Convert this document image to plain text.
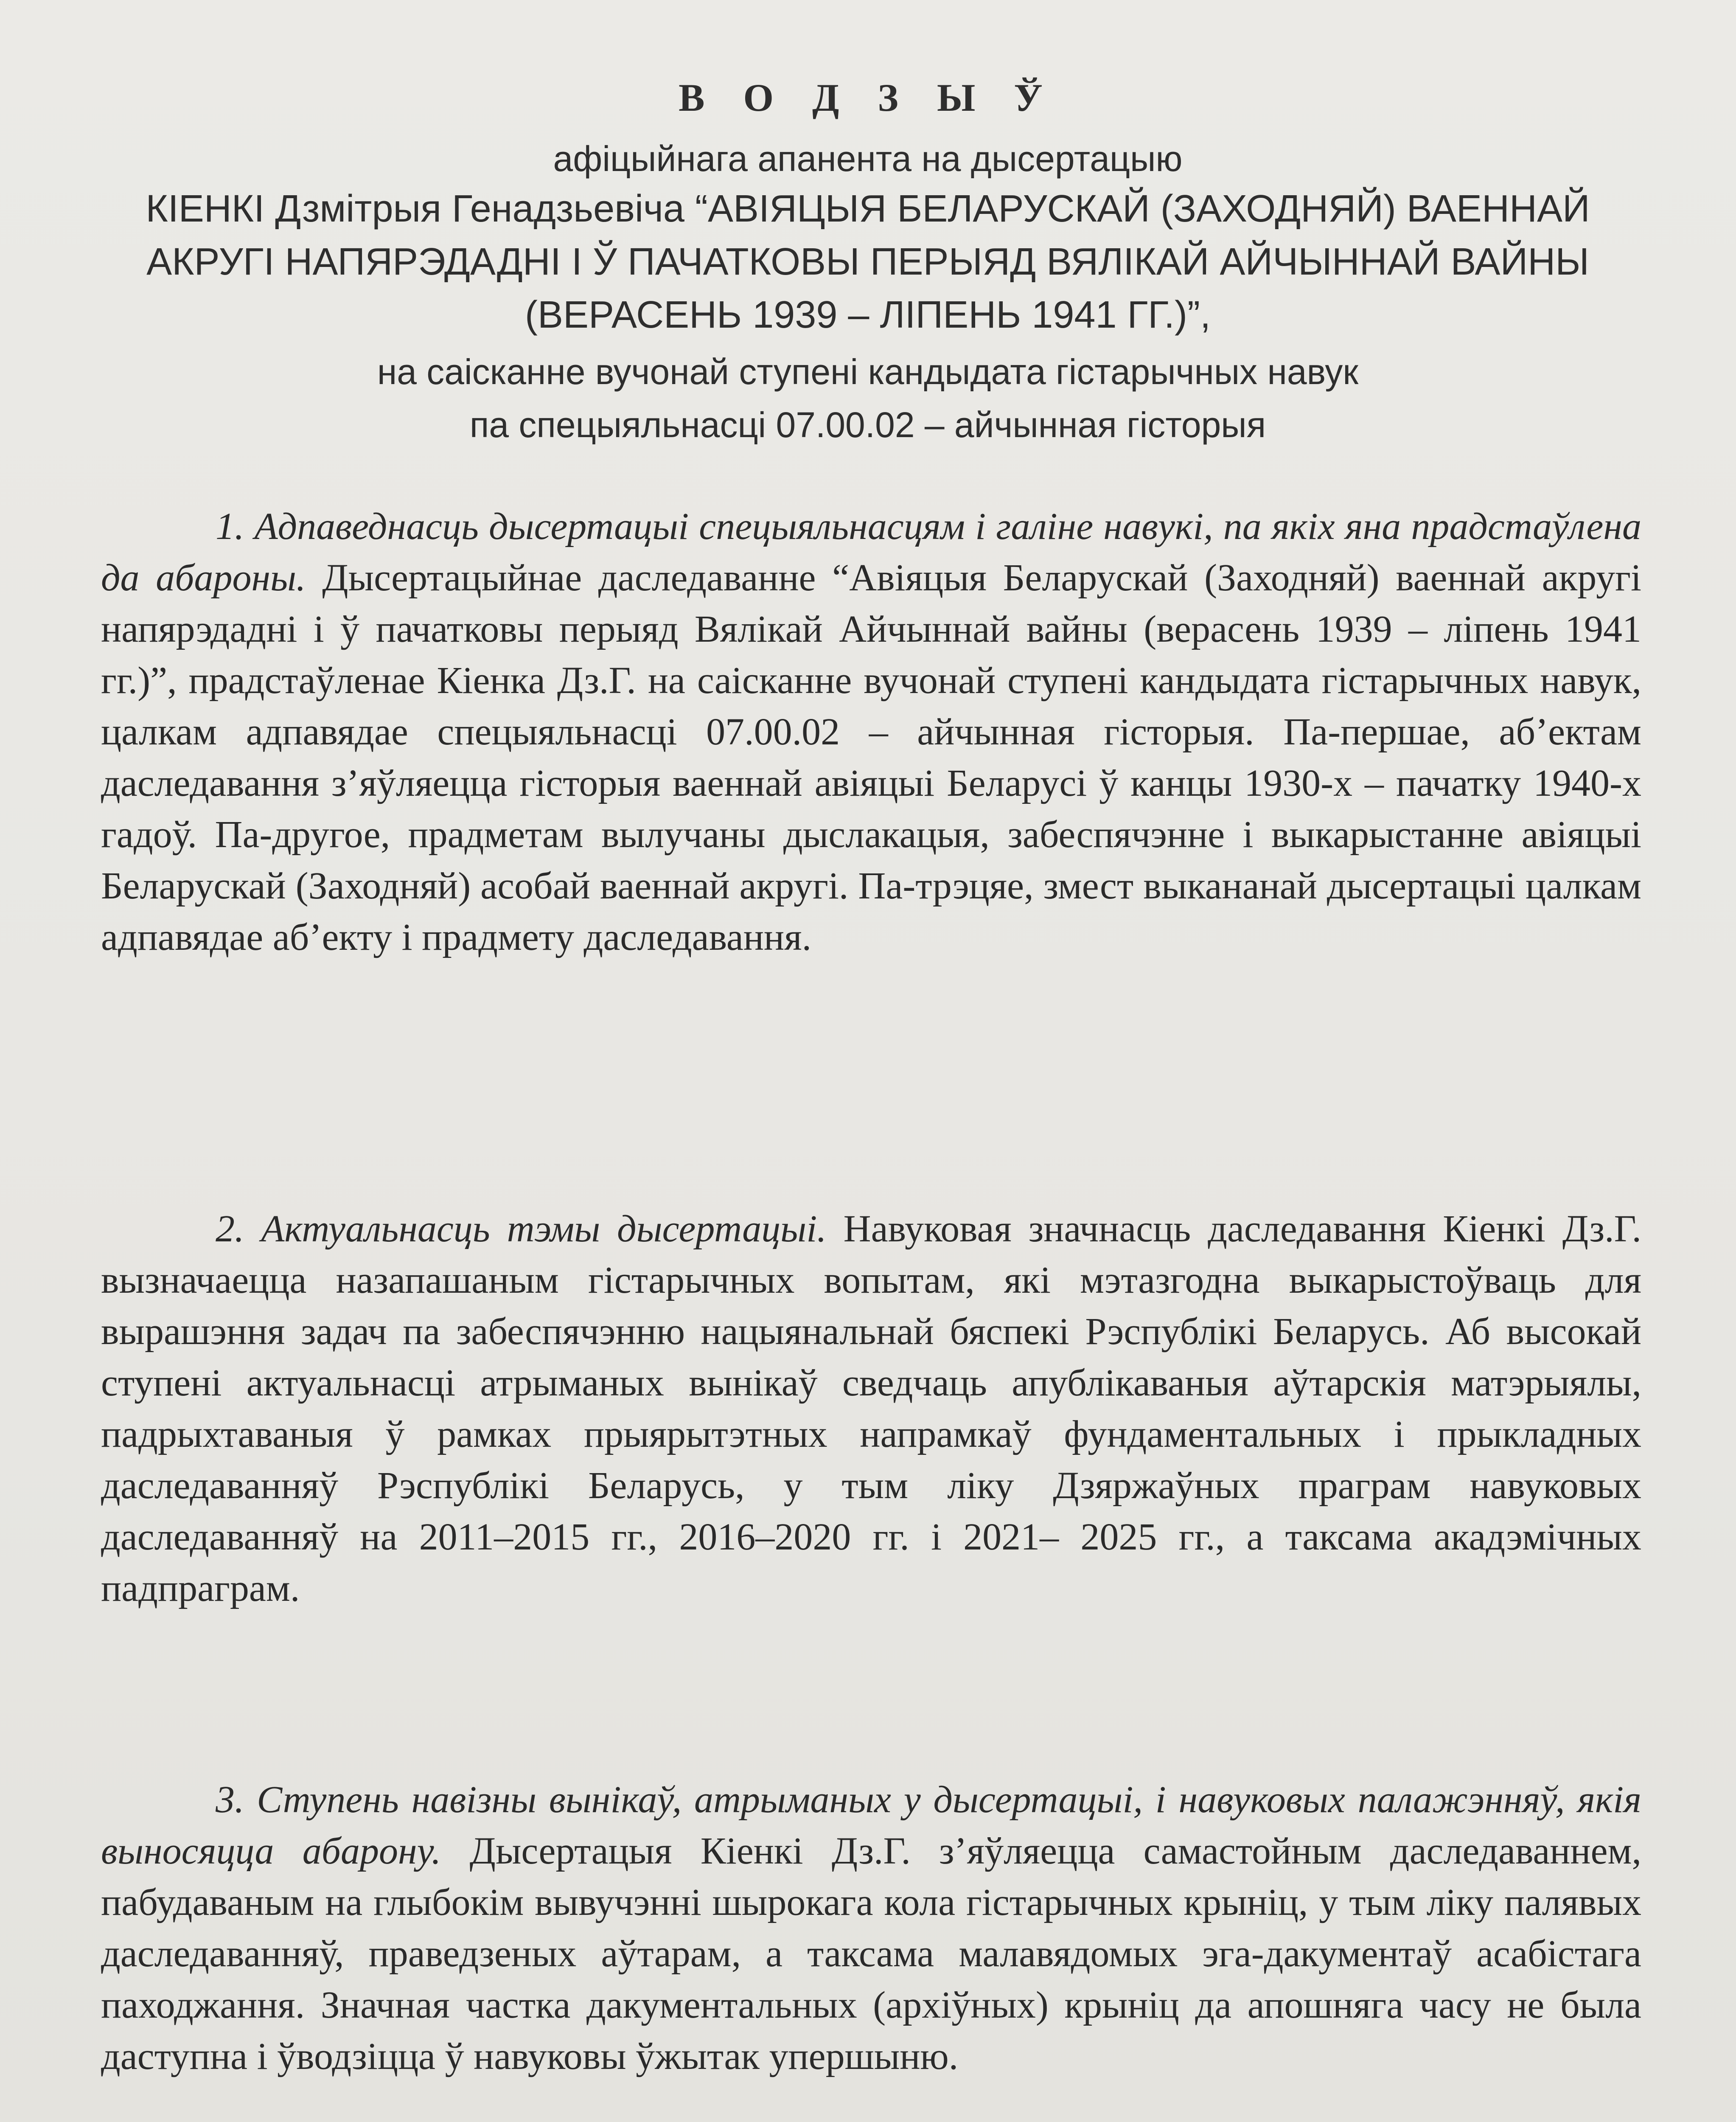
В О Д З Ы Ў
афіцыйнага апанента на дысертацыю
КІЕНКІ Дзмітрыя Генадзьевіча “АВІЯЦЫЯ БЕЛАРУСКАЙ (ЗАХОДНЯЙ) ВАЕННАЙ АКРУГІ НАПЯРЭДАДНІ І Ў ПАЧАТКОВЫ ПЕРЫЯД ВЯЛІКАЙ АЙЧЫННАЙ ВАЙНЫ (ВЕРАСЕНЬ 1939 – ЛІПЕНЬ 1941 ГГ.)”,
на саісканне вучонай ступені кандыдата гістарычных навук
па спецыяльнасці 07.00.02 – айчынная гісторыя

1. Адпаведнасць дысертацыі спецыяльнасцям і галіне навукі, па якіх яна прадстаўлена да абароны. Дысертацыйнае даследаванне “Авіяцыя Беларускай (Заходняй) ваеннай акругі напярэдадні і ў пачатковы перыяд Вялікай Айчыннай вайны (верасень 1939 – ліпень 1941 гг.)”, прадстаўленае Кіенка Дз.Г. на саісканне вучонай ступені кандыдата гістарычных навук, цалкам адпавядае спецыяльнасці 07.00.02 – айчынная гісторыя. Па-першае, аб’ектам даследавання з’яўляецца гісторыя ваеннай авіяцыі Беларусі ў канцы 1930-х – пачатку 1940-х гадоў. Па-другое, прадметам вылучаны дыслакацыя, забеспячэнне і выкарыстанне авіяцыі Беларускай (Заходняй) асобай ваеннай акругі. Па-трэцяе, змест выкананай дысертацыі цалкам адпавядае аб’екту і прадмету даследавання.

2. Актуальнасць тэмы дысертацыі. Навуковая значнасць даследавання Кіенкі Дз.Г. вызначаецца назапашаным гістарычных вопытам, які мэтазгодна выкарыстоўваць для вырашэння задач па забеспячэнню нацыянальнай бяспекі Рэспублікі Беларусь. Аб высокай ступені актуальнасці атрыманых вынікаў сведчаць апублікаваныя аўтарскія матэрыялы, падрыхтаваныя ў рамках прыярытэтных напрамкаў фундаментальных і прыкладных даследаванняў Рэспублікі Беларусь, у тым ліку Дзяржаўных праграм навуковых даследаванняў на 2011–2015 гг., 2016–2020 гг. і 2021– 2025 гг., а таксама акадэмічных падпраграм.

3. Ступень навізны вынікаў, атрыманых у дысертацыі, і навуковых палажэнняў, якія выносяцца абарону. Дысертацыя Кіенкі Дз.Г. з’яўляецца самастойным даследаваннем, пабудаваным на глыбокім вывучэнні шырокага кола гістарычных крыніц, у тым ліку палявых даследаванняў, праведзеных аўтарам, а таксама малавядомых эга-дакументаў асабістага паходжання. Значная частка дакументальных (архіўных) крыніц да апошняга часу не была даступна і ўводзіцца ў навуковы ўжытак упершыню.
